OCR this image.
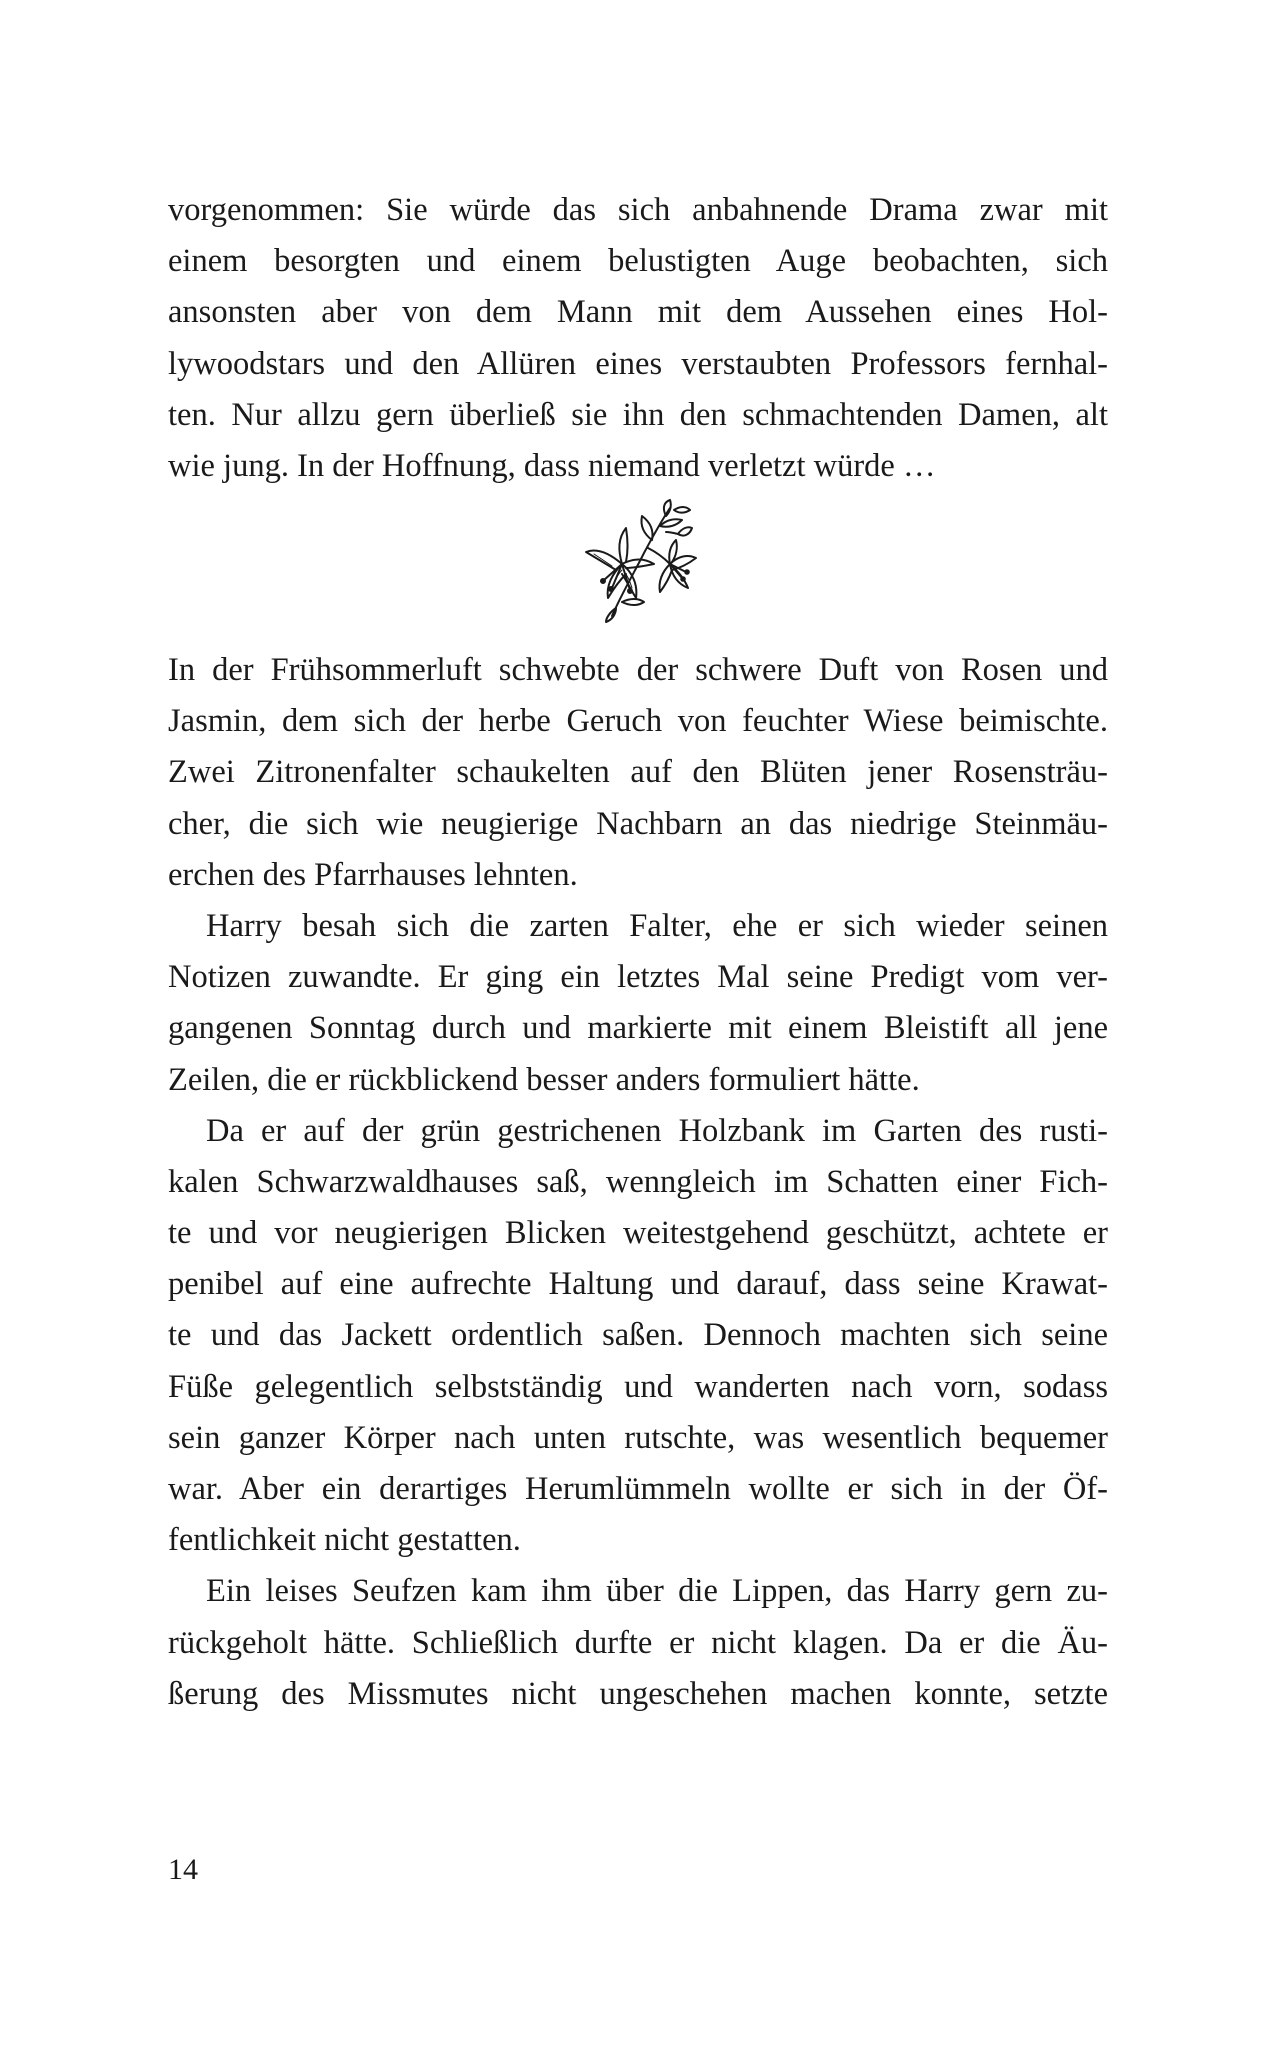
vorgenommen: Sie würde das sich anbahnende Drama zwar mit
einem besorgten und einem belustigten Auge beobachten, sich
ansonsten aber von dem Mann mit dem Aussehen eines Hol-
lywoodstars und den Allüren eines verstaubten Professors fernhal-
ten. Nur allzu gern überließ sie ihn den schmachtenden Damen, alt
wie jung. In der Hoffnung, dass niemand verletzt würde …
In der Frühsommerluft schwebte der schwere Duft von Rosen und
Jasmin, dem sich der herbe Geruch von feuchter Wiese beimischte.
Zwei Zitronenfalter schaukelten auf den Blüten jener Rosensträu-
cher, die sich wie neugierige Nachbarn an das niedrige Steinmäu-
erchen des Pfarrhauses lehnten.
Harry besah sich die zarten Falter, ehe er sich wieder seinen
Notizen zuwandte. Er ging ein letztes Mal seine Predigt vom ver-
gangenen Sonntag durch und markierte mit einem Bleistift all jene
Zeilen, die er rückblickend besser anders formuliert hätte.
Da er auf der grün gestrichenen Holzbank im Garten des rusti-
kalen Schwarzwaldhauses saß, wenngleich im Schatten einer Fich-
te und vor neugierigen Blicken weitestgehend geschützt, achtete er
penibel auf eine aufrechte Haltung und darauf, dass seine Krawat-
te und das Jackett ordentlich saßen. Dennoch machten sich seine
Füße gelegentlich selbstständig und wanderten nach vorn, sodass
sein ganzer Körper nach unten rutschte, was wesentlich bequemer
war. Aber ein derartiges Herumlümmeln wollte er sich in der Öf-
fentlichkeit nicht gestatten.
Ein leises Seufzen kam ihm über die Lippen, das Harry gern zu-
rückgeholt hätte. Schließlich durfte er nicht klagen. Da er die Äu-
ßerung des Missmutes nicht ungeschehen machen konnte, setzte
14
